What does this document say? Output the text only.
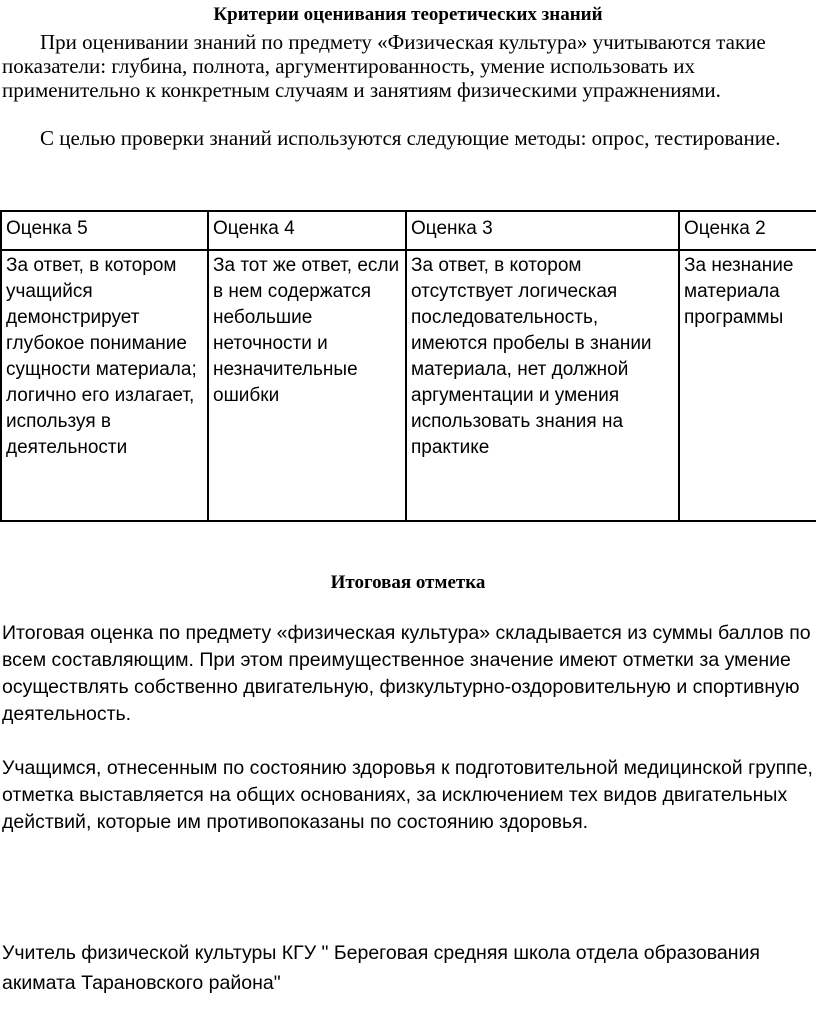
Критерии оценивания теоретических знаний

При оценивании знаний по предмету «Физическая культура» учитываются такие показатели: глубина, полнота, аргументированность, умение использовать их применительно к конкретным случаям и занятиям физическими упражнениями.

С целью проверки знаний используются следующие методы: опрос, тестирование.

Оценка 5	Оценка 4	Оценка 3	Оценка 2
За ответ, в котором учащийся демонстрирует глубокое понимание сущности материала; логично его излагает, используя в деятельности	За тот же ответ, если в нем содержатся небольшие неточности и незначительные ошибки	За ответ, в котором отсутствует логическая последовательность, имеются пробелы в знании материала, нет должной аргументации и умения использовать знания на практике	За незнание материала программы
Итоговая отметка

Итоговая оценка по предмету «физическая культура» складывается из суммы баллов по всем составляющим. При этом преимущественное значение имеют отметки за умение осуществлять собственно двигательную, физкультурно-оздоровительную и спортивную деятельность.

Учащимся, отнесенным по состоянию здоровья к подготовительной медицинской группе, отметка выставляется на общих основаниях, за исключением тех видов двигательных действий, которые им противопоказаны по состоянию здоровья.

Учитель физической культуры КГУ " Береговая средняя школа отдела образования акимата Тарановского района"
